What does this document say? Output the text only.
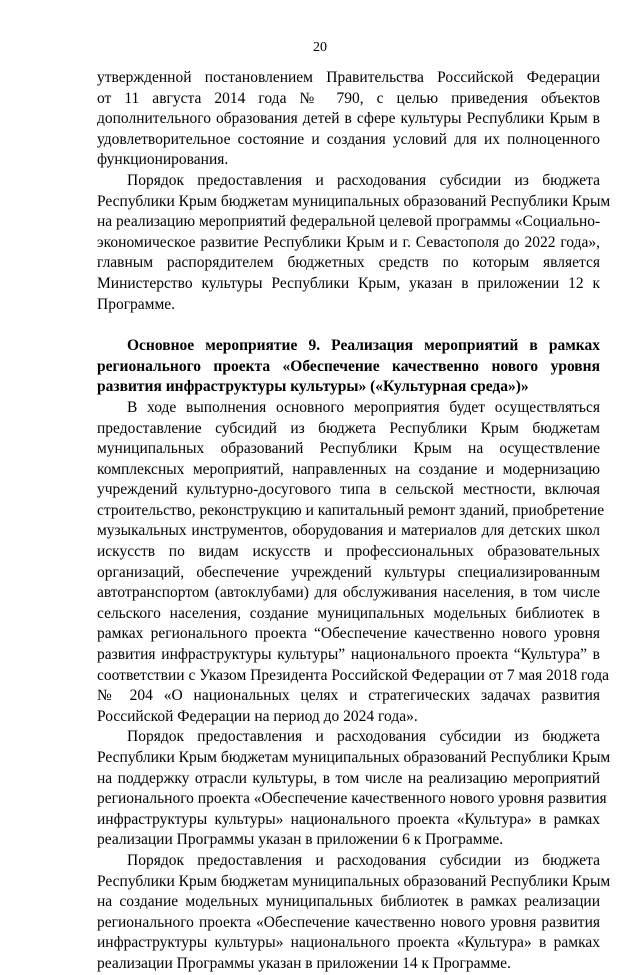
20
утвержденной постановлением Правительства Российской Федерации
от 11 августа 2014 года № 790, с целью приведения объектов
дополнительного образования детей в сфере культуры Республики Крым в
удовлетворительное состояние и создания условий для их полноценного
функционирования.
Порядок предоставления и расходования субсидии из бюджета
Республики Крым бюджетам муниципальных образований Республики Крым
на реализацию мероприятий федеральной целевой программы «Социально-
экономическое развитие Республики Крым и г. Севастополя до 2022 года»,
главным распорядителем бюджетных средств по которым является
Министерство культуры Республики Крым, указан в приложении 12 к
Программе.
Основное мероприятие 9. Реализация мероприятий в рамках
регионального проекта «Обеспечение качественно нового уровня
развития инфраструктуры культуры» («Культурная среда»)»
В ходе выполнения основного мероприятия будет осуществляться
предоставление субсидий из бюджета Республики Крым бюджетам
муниципальных образований Республики Крым на осуществление
комплексных мероприятий, направленных на создание и модернизацию
учреждений культурно-досугового типа в сельской местности, включая
строительство, реконструкцию и капитальный ремонт зданий, приобретение
музыкальных инструментов, оборудования и материалов для детских школ
искусств по видам искусств и профессиональных образовательных
организаций, обеспечение учреждений культуры специализированным
автотранспортом (автоклубами) для обслуживания населения, в том числе
сельского населения, создание муниципальных модельных библиотек в
рамках регионального проекта “Обеспечение качественно нового уровня
развития инфраструктуры культуры” национального проекта “Культура” в
соответствии с Указом Президента Российской Федерации от 7 мая 2018 года
№ 204 «О национальных целях и стратегических задачах развития
Российской Федерации на период до 2024 года».
Порядок предоставления и расходования субсидии из бюджета
Республики Крым бюджетам муниципальных образований Республики Крым
на поддержку отрасли культуры, в том числе на реализацию мероприятий
регионального проекта «Обеспечение качественного нового уровня развития
инфраструктуры культуры» национального проекта «Культура» в рамках
реализации Программы указан в приложении 6 к Программе.
Порядок предоставления и расходования субсидии из бюджета
Республики Крым бюджетам муниципальных образований Республики Крым
на создание модельных муниципальных библиотек в рамках реализации
регионального проекта «Обеспечение качественно нового уровня развития
инфраструктуры культуры» национального проекта «Культура» в рамках
реализации Программы указан в приложении 14 к Программе.
